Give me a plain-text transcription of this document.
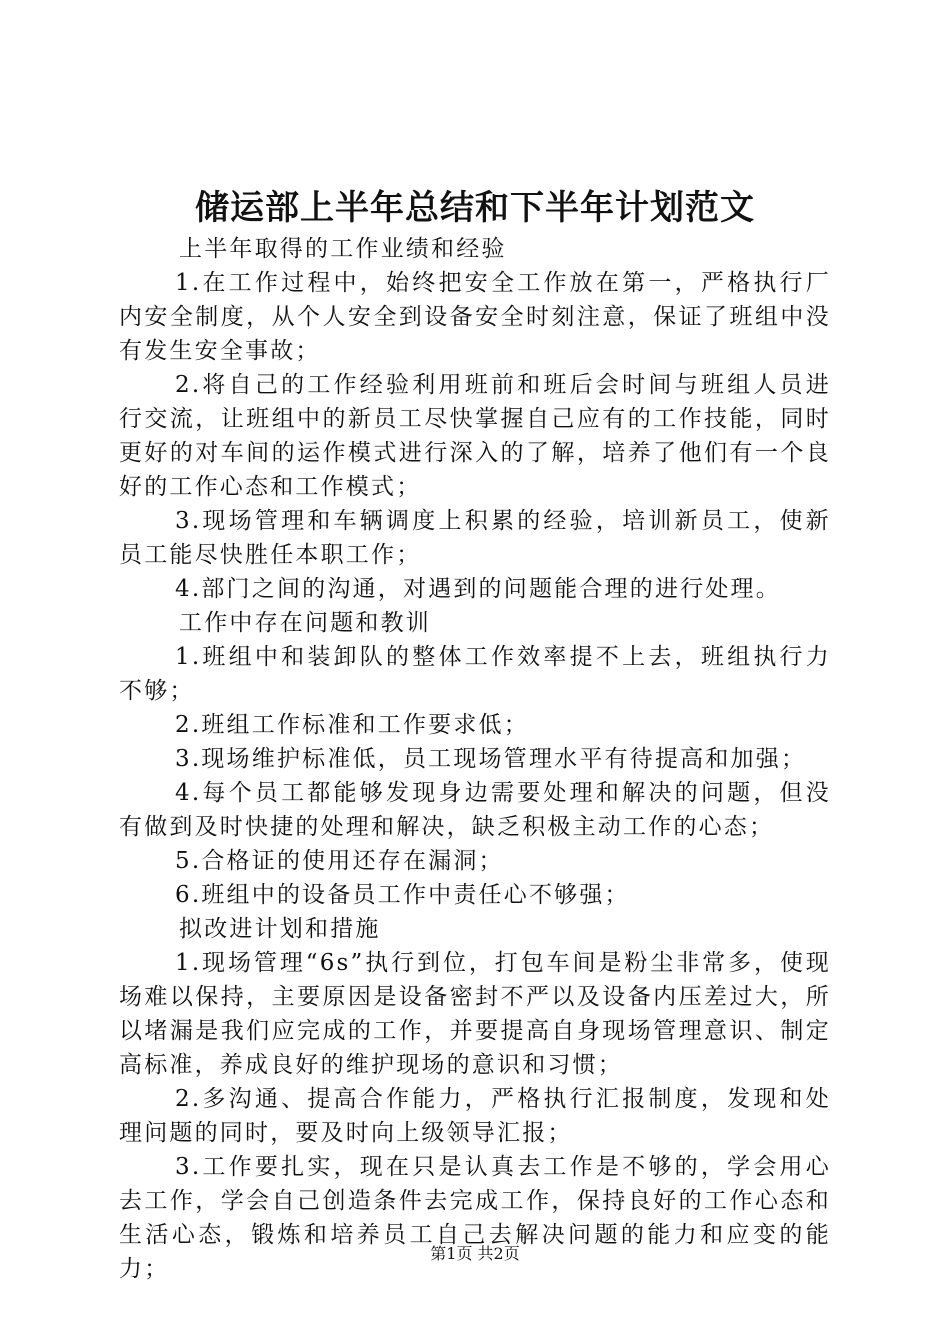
储运部上半年总结和下半年计划范文

上半年取得的工作业绩和经验

1.在工作过程中，始终把安全工作放在第一，严格执行厂内安全制度，从个人安全到设备安全时刻注意，保证了班组中没有发生安全事故；

2.将自己的工作经验利用班前和班后会时间与班组人员进行交流，让班组中的新员工尽快掌握自己应有的工作技能，同时更好的对车间的运作模式进行深入的了解，培养了他们有一个良好的工作心态和工作模式；

3.现场管理和车辆调度上积累的经验，培训新员工，使新员工能尽快胜任本职工作；

4.部门之间的沟通，对遇到的问题能合理的进行处理。

工作中存在问题和教训

1.班组中和装卸队的整体工作效率提不上去，班组执行力不够；

2.班组工作标准和工作要求低；

3.现场维护标准低，员工现场管理水平有待提高和加强；

4.每个员工都能够发现身边需要处理和解决的问题，但没有做到及时快捷的处理和解决，缺乏积极主动工作的心态；

5.合格证的使用还存在漏洞；

6.班组中的设备员工作中责任心不够强；

拟改进计划和措施

1.现场管理“6s”执行到位，打包车间是粉尘非常多，使现场难以保持，主要原因是设备密封不严以及设备内压差过大，所以堵漏是我们应完成的工作，并要提高自身现场管理意识、制定高标准，养成良好的维护现场的意识和习惯；

2.多沟通、提高合作能力，严格执行汇报制度，发现和处理问题的同时，要及时向上级领导汇报；

3.工作要扎实，现在只是认真去工作是不够的，学会用心去工作，学会自己创造条件去完成工作，保持良好的工作心态和生活心态，锻炼和培养员工自己去解决问题的能力和应变的能力；

第1页 共2页
